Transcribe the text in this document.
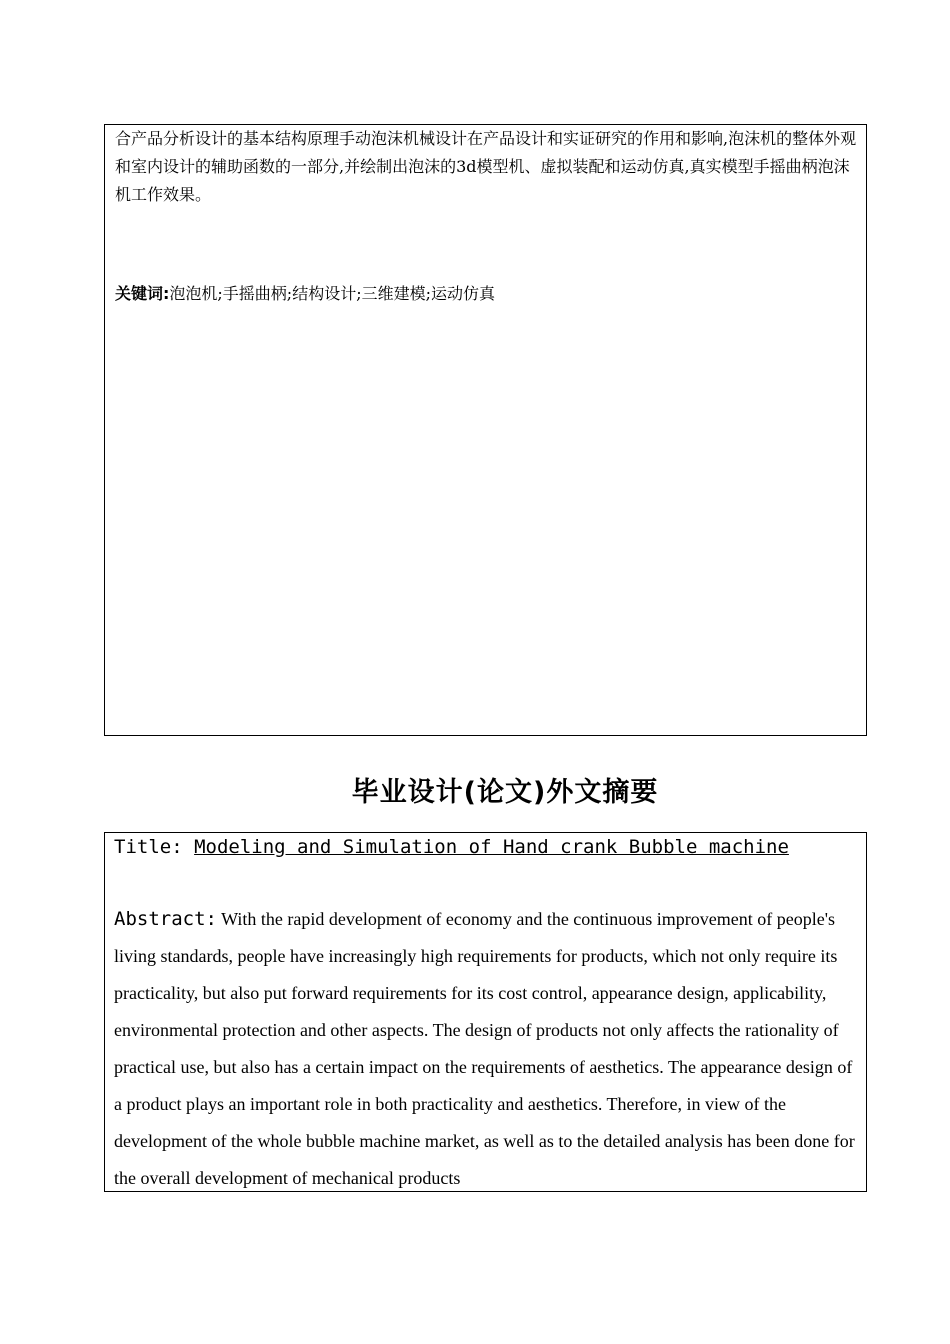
合产品分析设计的基本结构原理手动泡沫机械设计在产品设计和实证研究的作用和影响,泡沫机的整体外观和室内设计的辅助函数的一部分,并绘制出泡沫的3d模型机、虚拟装配和运动仿真,真实模型手摇曲柄泡沫机工作效果。

关键词:泡泡机;手摇曲柄;结构设计;三维建模;运动仿真
毕业设计(论文)外文摘要
Title: Modeling and Simulation of Hand crank Bubble machine

Abstract: With the rapid development of economy and the continuous improvement of people's living standards, people have increasingly high requirements for products, which not only require its practicality, but also put forward requirements for its cost control, appearance design, applicability, environmental protection and other aspects. The design of products not only affects the rationality of practical use, but also has a certain impact on the requirements of aesthetics. The appearance design of a product plays an important role in both practicality and aesthetics. Therefore, in view of the development of the whole bubble machine market, as well as to the detailed analysis has been done for the overall development of mechanical products
